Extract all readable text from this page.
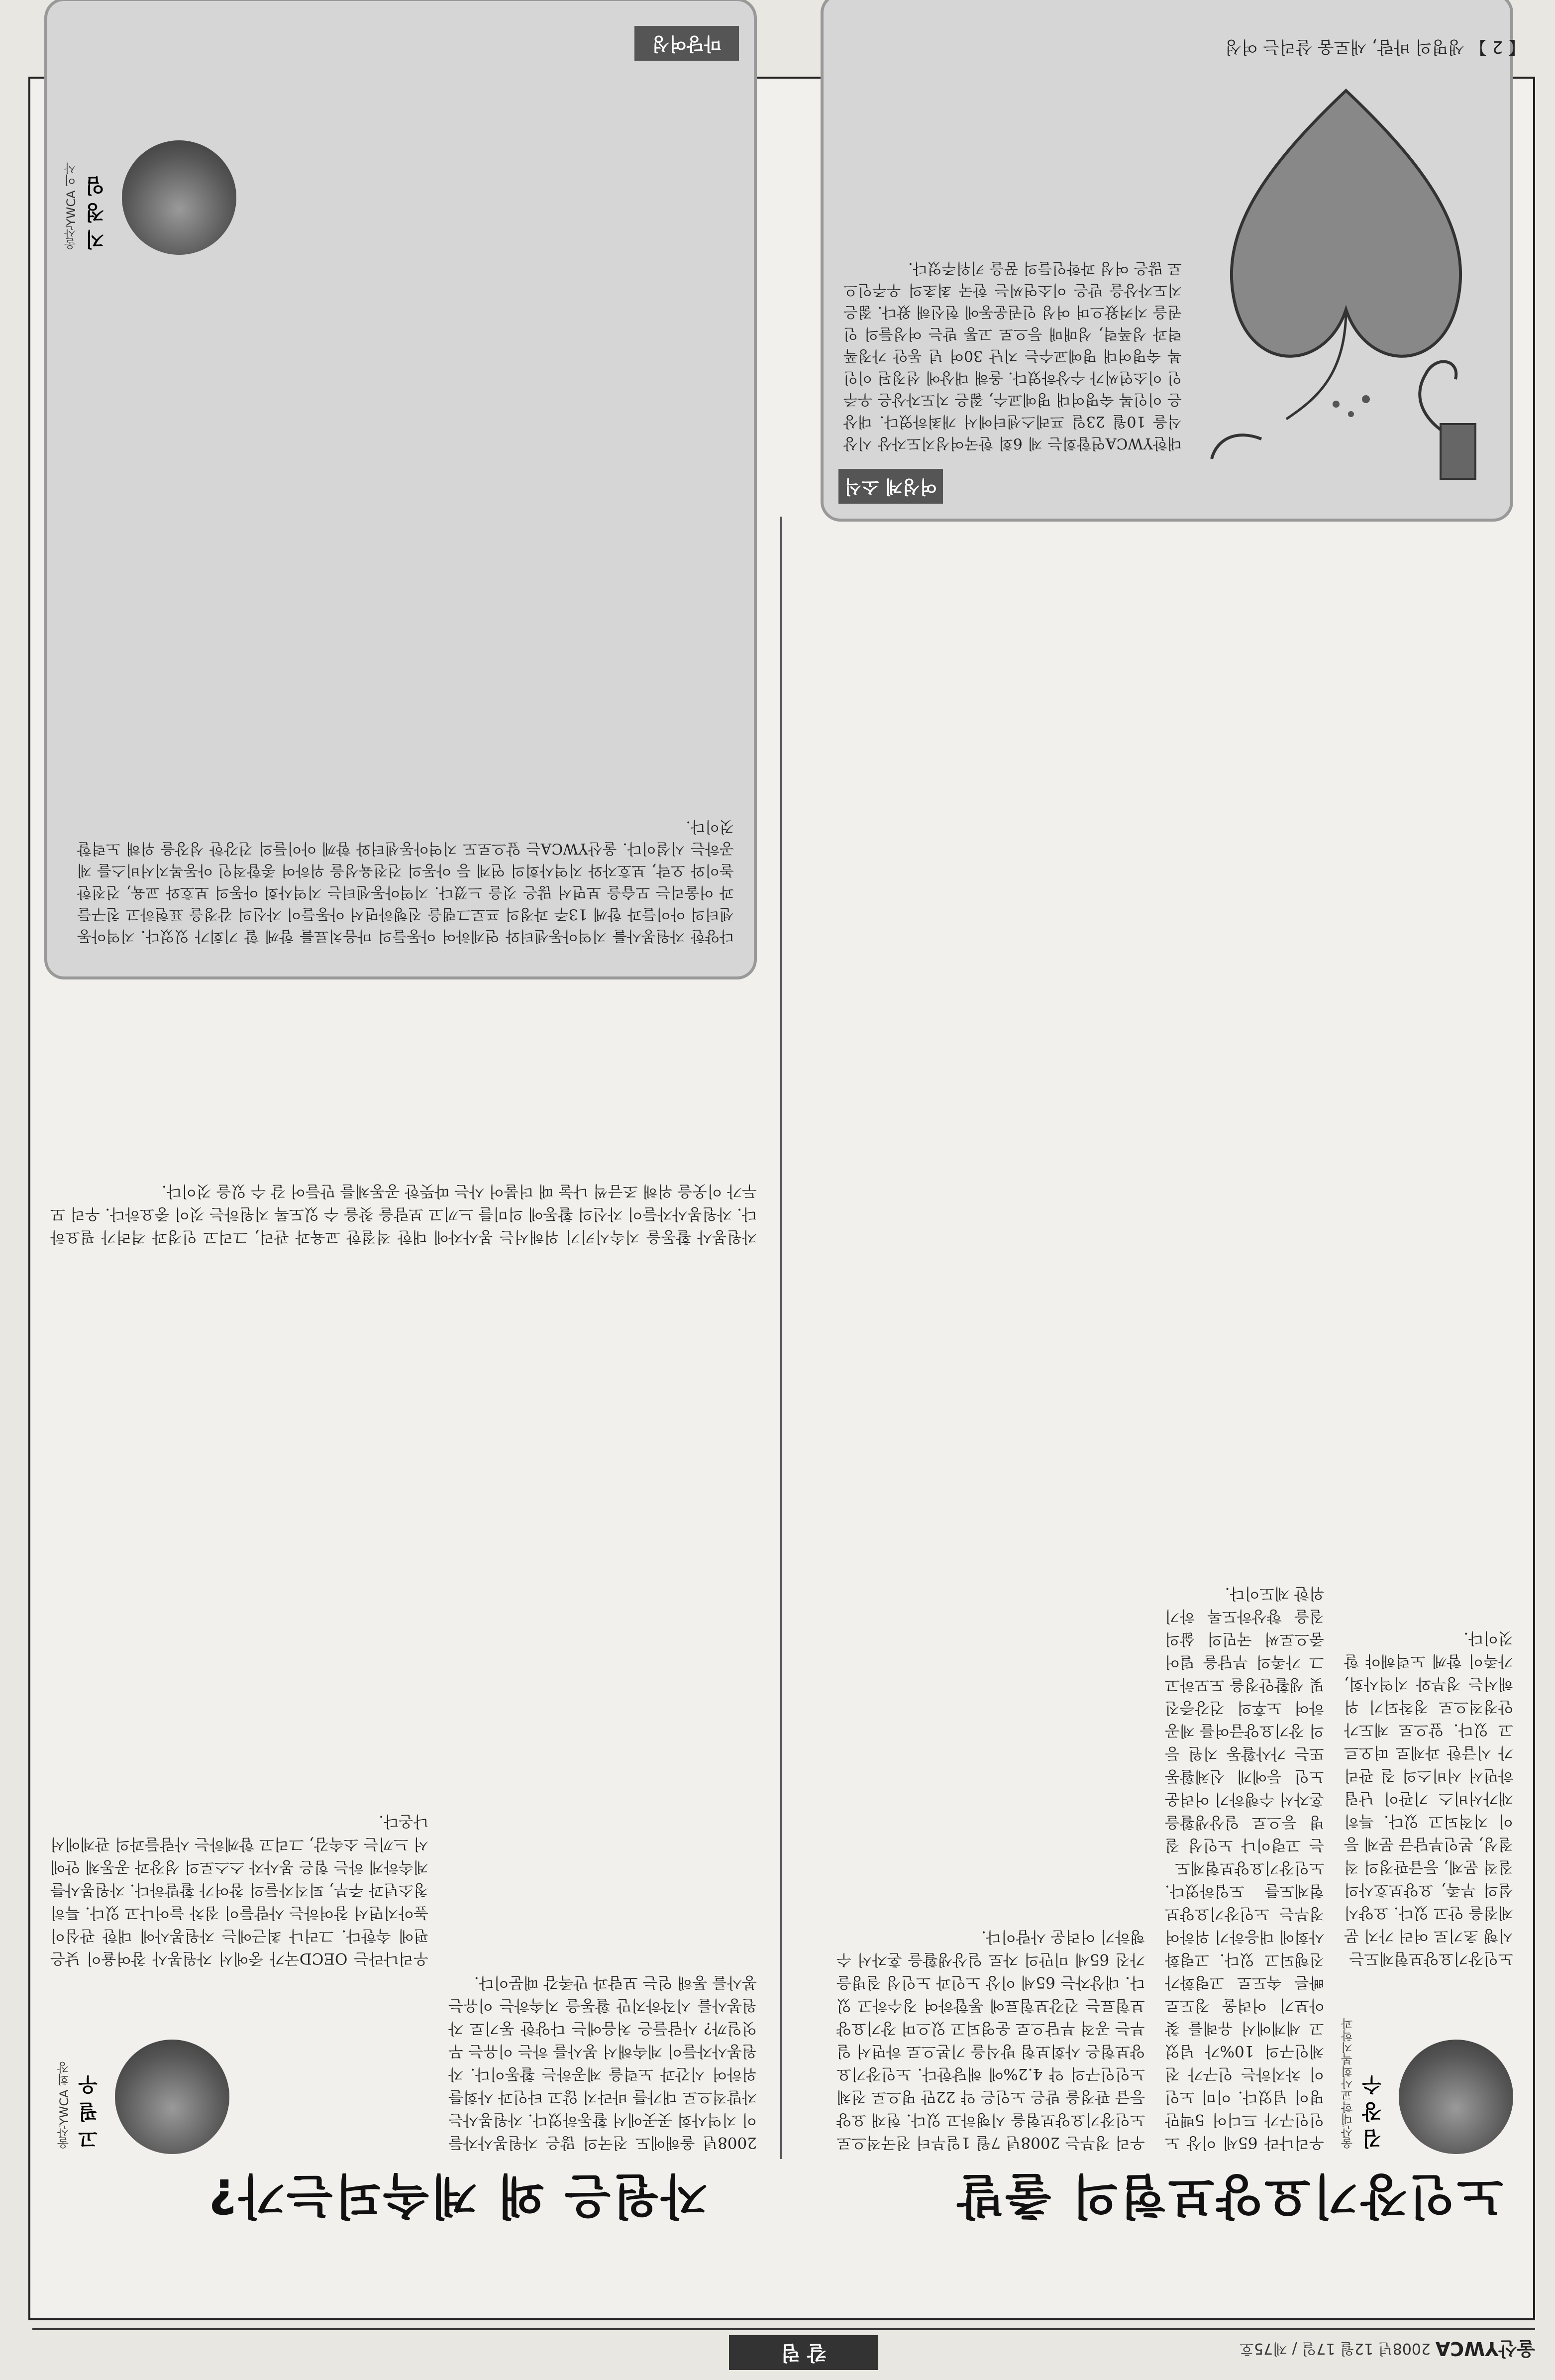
울산YWCA
2008년 12월 17일 / 제75호
칼 럼
노인장기요양보험의 출발
자원은 왜 계속되는가?
김 장 수
울산대학교사회복지학과
고 필 우
울산YWCA 회장	우리나라 65세 이상 노인인구가 드디어 5백만 명이 넘었다. 이미 노인이 차지하는 인구가 전체인구의 10%가 넘었고 세계에서 유례를 찾아보기 어려울 정도로 빠른 속도로 고령화가 진행되고 있다. 고령화 사회에 대응하기 위하여 정부는 노인장기요양보험제도를 도입하였다. 노인장기요양보험제도는 고령이나 노인성 질병 등으로 일상생활을 혼자서 수행하기 어려운 노인 등에게 신체활동 또는 가사활동 지원 등의 장기요양급여를 제공하여 노후의 건강증진 및 생활안정을 도모하고 그 가족의 부담을 덜어줌으로써 국민의 삶의 질을 향상하도록 하기 위한 제도이다.
우리 정부는 2008년 7월 1일부터 전국적으로 노인장기요양보험을 시행하고 있다. 현재 요양 등급 판정을 받은 노인은 약 22만 명으로 전체 노인인구의 약 4.2%에 해당한다. 노인장기요양보험은 사회보험 방식을 기본으로 하면서 일부는 공적 부담으로 운영되고 있으며 장기요양보험료는 건강보험료에 통합하여 징수하고 있다. 대상자는 65세 이상 노인과 노인성 질병을 가진 65세 미만의 자로 일상생활을 혼자서 수행하기 어려운 사람이다.
노인장기요양보험제도는 시행 초기로 여러 가지 문제점을 안고 있다. 요양시설의 부족, 요양보호사의 질적 문제, 등급판정의 적절성, 본인부담금 문제 등이 지적되고 있다. 특히 재가서비스 기관이 난립하면서 서비스의 질 관리가 시급한 과제로 떠오르고 있다. 앞으로 제도가 안정적으로 정착되기 위해서는 정부와 지역사회, 가족이 함께 노력해야 할 것이다.
2008년 올해에도 전국의 많은 자원봉사자들이 지역사회 곳곳에서 활동하였다. 자원봉사는 자발적으로 대가를 바라지 않고 타인과 사회를 위하여 시간과 노력을 제공하는 활동이다. 자원봉사자들이 계속해서 봉사를 하는 이유는 무엇일까? 사람들은 처음에는 다양한 동기로 자원봉사를 시작하지만 활동을 지속하는 이유는 봉사를 통해 얻는 보람과 만족감 때문이다.
우리나라는 OECD국가 중에서 자원봉사 참여율이 낮은 편에 속한다. 그러나 최근에는 자원봉사에 대한 관심이 높아지면서 참여하는 사람들이 점차 늘어나고 있다. 특히 청소년과 주부, 퇴직자들의 참여가 활발하다. 자원봉사를 계속하게 하는 힘은 봉사자 스스로의 성장과 공동체 안에서 느끼는 소속감, 그리고 함께하는 사람들과의 관계에서 나온다.
자원봉사 활동을 지속시키기 위해서는 봉사자에 대한 적절한 교육과 관리, 그리고 인정과 격려가 필요하다. 자원봉사자들이 자신의 활동에 의미를 느끼고 보람을 찾을 수 있도록 지원하는 것이 중요하다. 우리 모두가 이웃을 위해 조금씩 나눌 때 더불어 사는 따뜻한 공동체를 만들어 갈 수 있을 것이다.
여성계 소식
대한YWCA연합회는 제 6회 한국여성지도자상 시상식을 10월 23일 프레스센터에서 개최하였다. 대상은 이인복 숙명여대 명예교수, 젊은 지도자상은 우주인 이소연씨가 수상하였다. 올해 대상에 선정된 이인복 숙명여대 명예교수는 지난 30여 년 동안 가정폭력과 성폭력, 성매매 등으로 고통 받는 여성들의 인권을 지켜왔으며 여성 인권운동에 헌신해 왔다. 젊은 지도자상을 받은 이소연씨는 한국 최초의 우주인으로 많은 여성 과학인들의 꿈을 키워주었다.
마당여성
지 정 임
울산YWCA 이사
다양한 자원봉사를 지역아동센터와 연계하여 아동들의 마음치료를 함께 할 기회가 있었다. 지역아동센터의 아이들과 함께 13주 과정의 프로그램을 진행하면서 아동들이 자신의 감정을 표현하고 친구들과 어울리는 모습을 보면서 많은 것을 느꼈다. 지역아동센터는 지역사회 아동의 보호와 교육, 건전한 놀이와 오락, 보호자와 지역사회의 연계 등 아동의 건전육성을 위하여 종합적인 아동복지서비스를 제공하는 시설이다. 울산YWCA는 앞으로도 지역아동센터와 함께 아이들의 건강한 성장을 위해 노력할 것이다.
【 2 】 생명의 바람, 새로움 살리는 여성
